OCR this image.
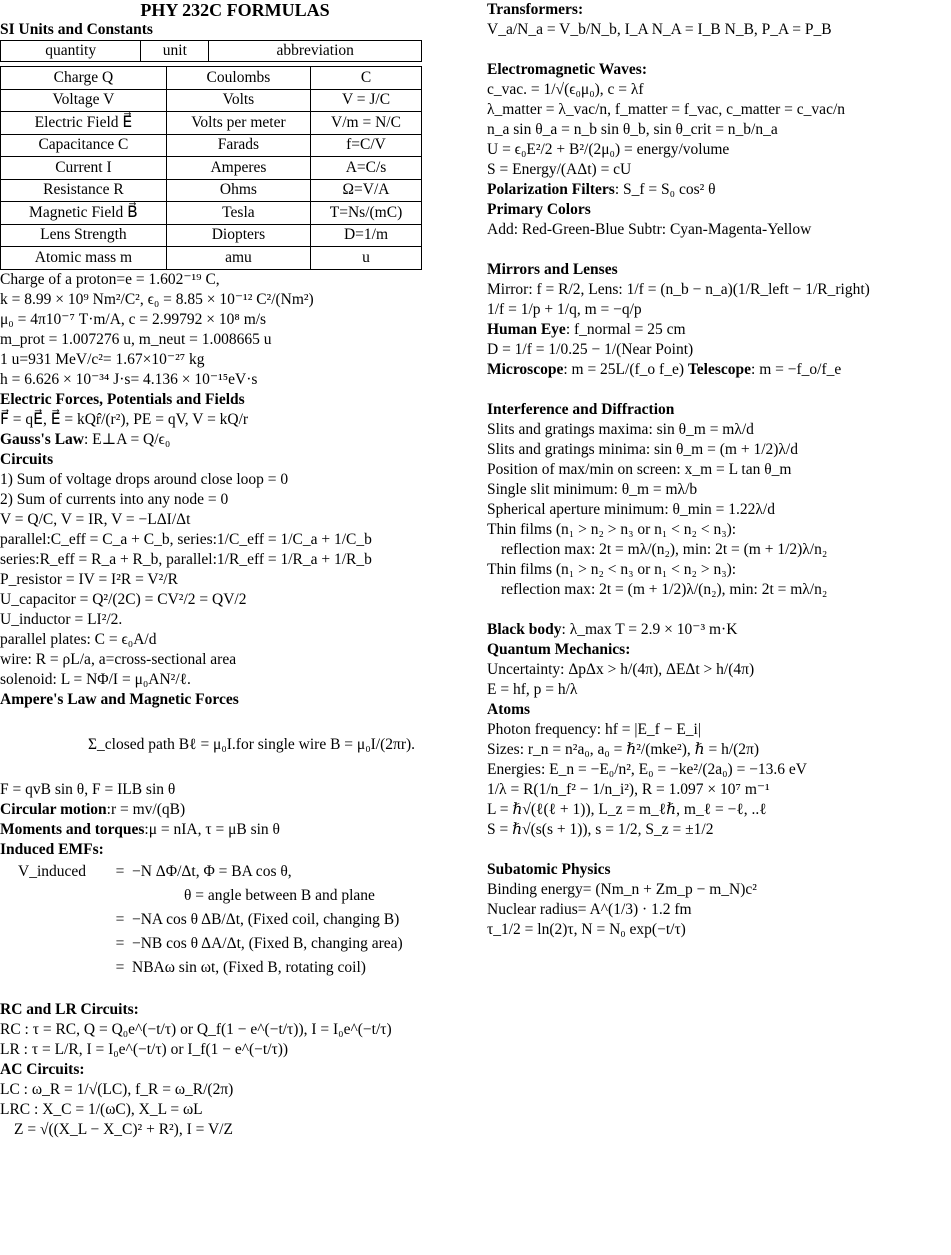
PHY 232C FORMULAS
SI Units and Constants
quantity	unit	abbreviation
Charge Q	Coulombs	C
Voltage V	Volts	V = J/C
Electric Field E⃗	Volts per meter	V/m = N/C
Capacitance C	Farads	f=C/V
Current I	Amperes	A=C/s
Resistance R	Ohms	Ω=V/A
Magnetic Field B⃗	Tesla	T=Ns/(mC)
Lens Strength	Diopters	D=1/m
Atomic mass m	amu	u
Charge of a proton=e = 1.602⁻¹⁹ C,
k = 8.99 × 10⁹ Nm²/C², ϵ₀ = 8.85 × 10⁻¹² C²/(Nm²)
μ₀ = 4π10⁻⁷ T·m/A, c = 2.99792 × 10⁸ m/s
m_prot = 1.007276 u, m_neut = 1.008665 u
1 u=931 MeV/c²= 1.67×10⁻²⁷ kg
h = 6.626 × 10⁻³⁴ J·s= 4.136 × 10⁻¹⁵eV·s
Electric Forces, Potentials and Fields
F⃗ = qE⃗, E⃗ = kQr̂/(r²), PE = qV, V = kQ/r
Gauss's Law: E⊥A = Q/ϵ₀
Circuits
1) Sum of voltage drops around close loop = 0
2) Sum of currents into any node = 0
V = Q/C, V = IR, V = −LΔI/Δt
parallel:C_eff = C_a + C_b, series:1/C_eff = 1/C_a + 1/C_b
series:R_eff = R_a + R_b, parallel:1/R_eff = 1/R_a + 1/R_b
P_resistor = IV = I²R = V²/R
U_capacitor = Q²/(2C) = CV²/2 = QV/2
U_inductor = LI²/2.
parallel plates: C = ϵ₀A/d
wire: R = ρL/a, a=cross-sectional area
solenoid: L = NΦ/I = μ₀AN²/ℓ.
Ampere's Law and Magnetic Forces
Σ_closed path Bℓ = μ₀I.for single wire B = μ₀I/(2πr).
F = qvB sin θ, F = ILB sin θ
Circular motion:r = mv/(qB)
Moments and torques:μ = nIA, τ = μB sin θ
Induced EMFs:
V_induced	= −N ΔΦ/Δt, Φ = BA cos θ,
θ = angle between B and plane
= −NA cos θ ΔB/Δt, (Fixed coil, changing B)
= −NB cos θ ΔA/Δt, (Fixed B, changing area)
= NBAω sin ωt, (Fixed B, rotating coil)
RC and LR Circuits:
RC : τ = RC, Q = Q₀e^(−t/τ) or Q_f(1 − e^(−t/τ)), I = I₀e^(−t/τ)
LR : τ = L/R, I = I₀e^(−t/τ) or I_f(1 − e^(−t/τ))
AC Circuits:
LC : ω_R = 1/√(LC), f_R = ω_R/(2π)
LRC : X_C = 1/(ωC), X_L = ωL
Z = √((X_L − X_C)² + R²), I = V/Z
Transformers:
V_a/N_a = V_b/N_b, I_A N_A = I_B N_B, P_A = P_B
Electromagnetic Waves:
c_vac. = 1/√(ϵ₀μ₀), c = λf
λ_matter = λ_vac/n, f_matter = f_vac, c_matter = c_vac/n
n_a sin θ_a = n_b sin θ_b, sin θ_crit = n_b/n_a
U = ϵ₀E²/2 + B²/(2μ₀) = energy/volume
S = Energy/(AΔt) = cU
Polarization Filters: S_f = S₀ cos² θ
Primary Colors
Add: Red-Green-Blue Subtr: Cyan-Magenta-Yellow
Mirrors and Lenses
Mirror: f = R/2, Lens: 1/f = (n_b − n_a)(1/R_left − 1/R_right)
1/f = 1/p + 1/q, m = −q/p
Human Eye: f_normal = 25 cm
D = 1/f = 1/0.25 − 1/(Near Point)
Microscope: m = 25L/(f_o f_e) Telescope: m = −f_o/f_e
Interference and Diffraction
Slits and gratings maxima: sin θ_m = mλ/d
Slits and gratings minima: sin θ_m = (m + 1/2)λ/d
Position of max/min on screen: x_m = L tan θ_m
Single slit minimum: θ_m = mλ/b
Spherical aperture minimum: θ_min = 1.22λ/d
Thin films (n₁ > n₂ > n₃ or n₁ < n₂ < n₃):
reflection max: 2t = mλ/(n₂), min: 2t = (m + 1/2)λ/n₂
Thin films (n₁ > n₂ < n₃ or n₁ < n₂ > n₃):
reflection max: 2t = (m + 1/2)λ/(n₂), min: 2t = mλ/n₂
Black body: λ_max T = 2.9 × 10⁻³ m·K
Quantum Mechanics:
Uncertainty: ΔpΔx > h/(4π), ΔEΔt > h/(4π)
E = hf, p = h/λ
Atoms
Photon frequency: hf = |E_f − E_i|
Sizes: r_n = n²a₀, a₀ = ℏ²/(mke²), ℏ = h/(2π)
Energies: E_n = −E₀/n², E₀ = −ke²/(2a₀) = −13.6 eV
1/λ = R(1/n_f² − 1/n_i²), R = 1.097 × 10⁷ m⁻¹
L = ℏ√(ℓ(ℓ + 1)), L_z = m_ℓℏ, m_ℓ = −ℓ, ..ℓ
S = ℏ√(s(s + 1)), s = 1/2, S_z = ±1/2
Subatomic Physics
Binding energy= (Nm_n + Zm_p − m_N)c²
Nuclear radius= A^(1/3) · 1.2 fm
τ_1/2 = ln(2)τ, N = N₀ exp(−t/τ)
